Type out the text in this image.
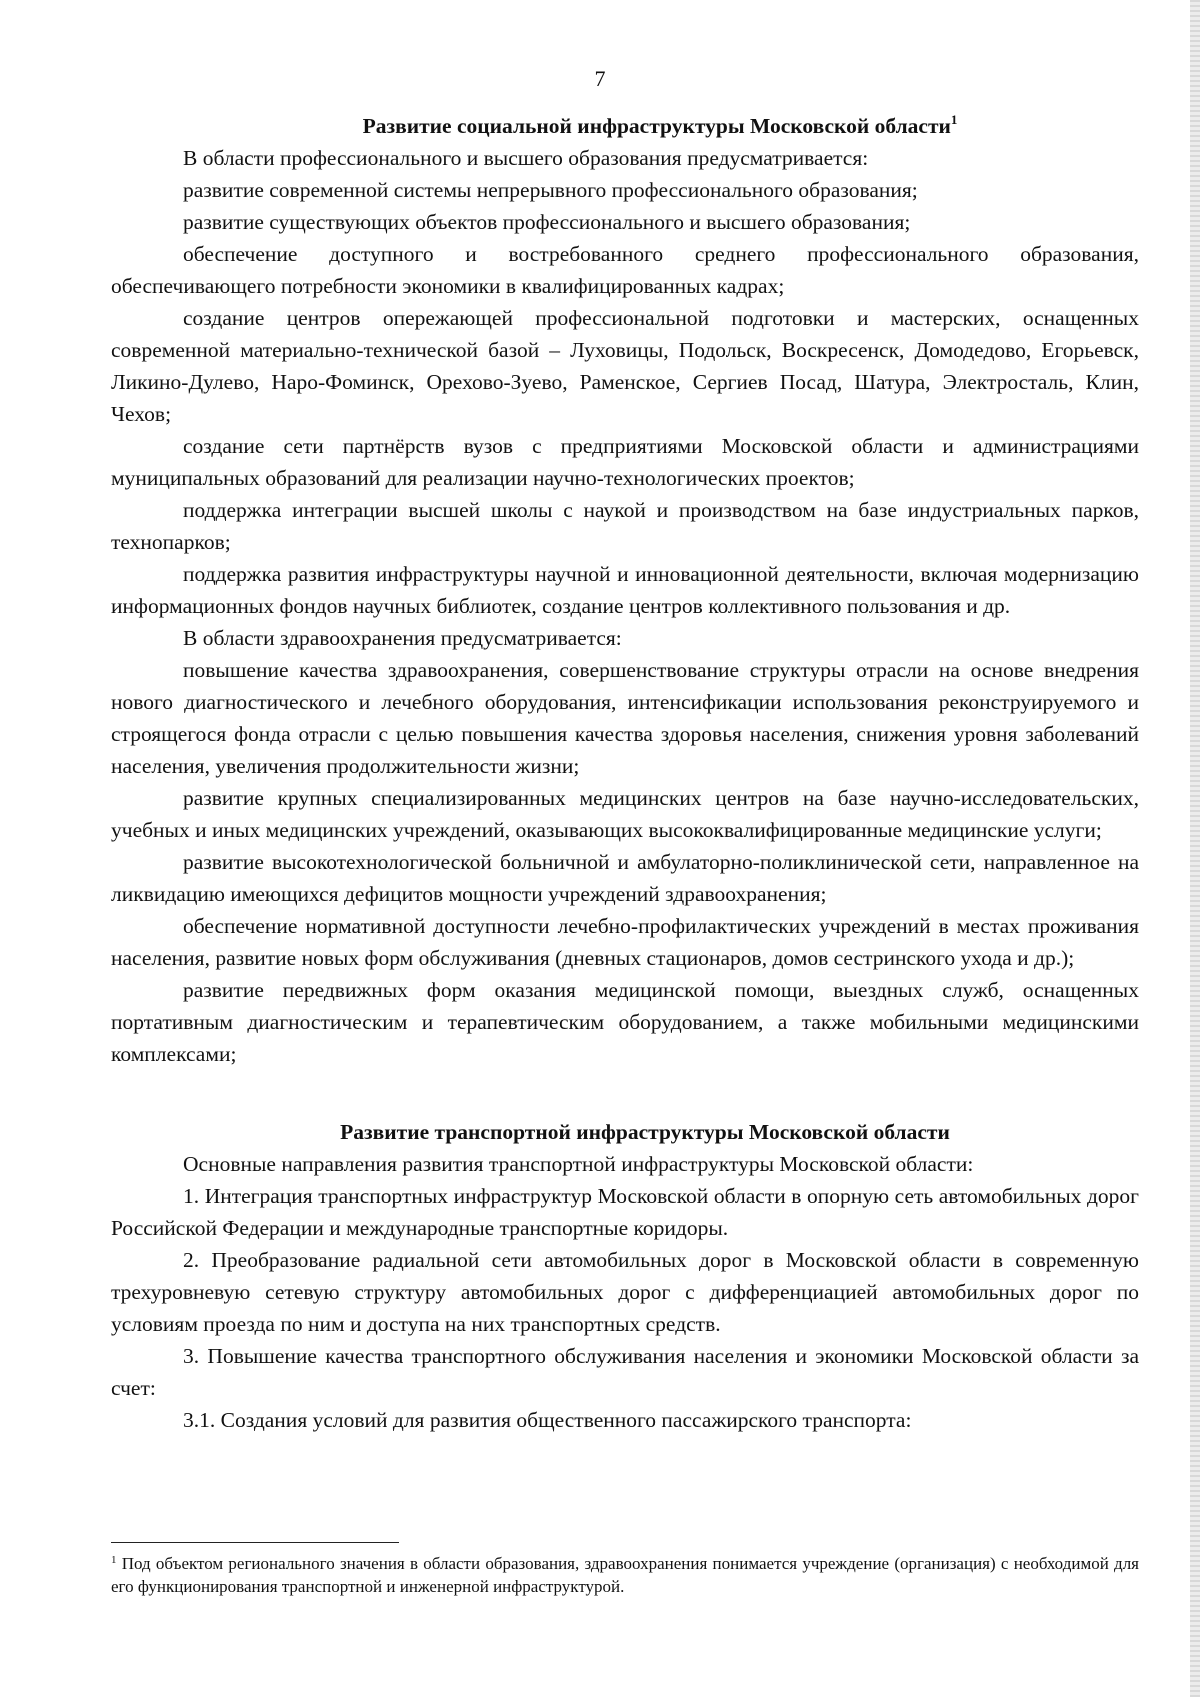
7
Развитие социальной инфраструктуры Московской области$^1$

В области профессионального и высшего образования предусматривается:

развитие современной системы непрерывного профессионального образования;

развитие существующих объектов профессионального и высшего образования;

обеспечение доступного и востребованного среднего профессионального образования, обеспечивающего потребности экономики в квалифицированных кадрах;

создание центров опережающей профессиональной подготовки и мастерских, оснащенных современной материально-технической базой – Луховицы, Подольск, Воскресенск, Домодедово, Егорьевск, Ликино-Дулево, Наро-Фоминск, Орехово-Зуево, Раменское, Сергиев Посад, Шатура, Электросталь, Клин, Чехов;

создание сети партнёрств вузов с предприятиями Московской области и администрациями муниципальных образований для реализации научно-технологических проектов;

поддержка интеграции высшей школы с наукой и производством на базе индустриальных парков, технопарков;

поддержка развития инфраструктуры научной и инновационной деятельности, включая модернизацию информационных фондов научных библиотек, создание центров коллективного пользования и др.

В области здравоохранения предусматривается:

повышение качества здравоохранения, совершенствование структуры отрасли на основе внедрения нового диагностического и лечебного оборудования, интенсификации использования реконструируемого и строящегося фонда отрасли с целью повышения качества здоровья населения, снижения уровня заболеваний населения, увеличения продолжительности жизни;

развитие крупных специализированных медицинских центров на базе научно-исследовательских, учебных и иных медицинских учреждений, оказывающих высококвалифицированные медицинские услуги;

развитие высокотехнологической больничной и амбулаторно-поликлинической сети, направленное на ликвидацию имеющихся дефицитов мощности учреждений здравоохранения;

обеспечение нормативной доступности лечебно-профилактических учреждений в местах проживания населения, развитие новых форм обслуживания (дневных стационаров, домов сестринского ухода и др.);

развитие передвижных форм оказания медицинской помощи, выездных служб, оснащенных портативным диагностическим и терапевтическим оборудованием, а также мобильными медицинскими комплексами;

Развитие транспортной инфраструктуры Московской области

Основные направления развития транспортной инфраструктуры Московской области:

1. Интеграция транспортных инфраструктур Московской области в опорную сеть автомобильных дорог Российской Федерации и международные транспортные коридоры.

2. Преобразование радиальной сети автомобильных дорог в Московской области в современную трехуровневую сетевую структуру автомобильных дорог с дифференциацией автомобильных дорог по условиям проезда по ним и доступа на них транспортных средств.

3. Повышение качества транспортного обслуживания населения и экономики Московской области за счет:

3.1. Создания условий для развития общественного пассажирского транспорта:

$^1$ Под объектом регионального значения в области образования, здравоохранения понимается учреждение (организация) с необходимой для его функционирования транспортной и инженерной инфраструктурой.
